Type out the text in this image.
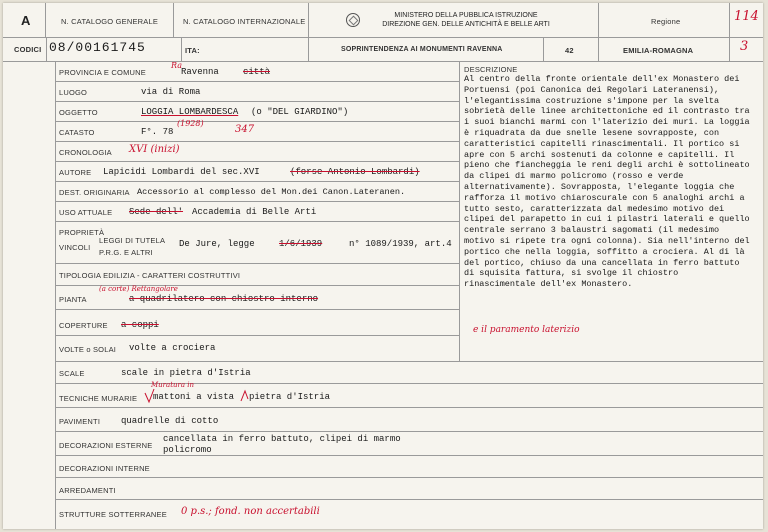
A	N. CATALOGO GENERALE	N. CATALOGO INTERNAZIONALE
MINISTERO DELLA PUBBLICA ISTRUZIONE
DIREZIONE GEN. DELLE ANTICHITÀ E BELLE ARTI	Regione	114
3
CODICI 08/00161745	ITA:	SOPRINTENDENZA AI MONUMENTI RAVENNA	42	EMILIA-ROMAGNA
PROVINCIA E COMUNE
Ra
Ravenna	città
LUOGO	via di Roma
OGGETTO	LOGGIA LOMBARDESCA (o "DEL GIARDINO")
CATASTO	F°. 78
(1928)
347
CRONOLOGIA XVI (inizi)
AUTORE Lapicidi Lombardi del sec.XVI	(forse Antonio Lombardi)
DEST. ORIGINARIA Accessorio al complesso del Mon.dei Canon.Lateranen.
USO ATTUALE Sede dell' Accademia di Belle Arti
PROPRIETÀ
VINCOLI
LEGGI DI TUTELA
P.R.G. E ALTRI
De Jure, legge	1/6/1939	n° 1089/1939, art.4
TIPOLOGIA EDILIZIA - CARATTERI COSTRUTTIVI
PIANTA
(a corte) Rettangolare
a quadrilatero con chiostro interno
COPERTURE a coppi
VOLTE o SOLAI volte a crociera
SCALE	scale in pietra d'Istria
TECNICHE MURARIE
Muratura in
mattoni a vista pietra d'Istria
PAVIMENTI quadrelle di cotto
DECORAZIONI ESTERNE
cancellata in ferro battuto, clipei di marmo
policromo
DECORAZIONI INTERNE
ARREDAMENTI
STRUTTURE SOTTERRANEE 0 p.s.; fond. non accertabili
DESCRIZIONE
Al centro della fronte orientale dell'ex Monastero dei
Portuensi (poi Canonica dei Regolari Lateranensi),
l'elegantissima costruzione s'impone per la svelta
sobrietà delle linee architettoniche ed il contrasto tra
i suoi bianchi marmi con l'laterizio dei muri. La loggia
è riquadrata da due snelle lesene sovrapposte, con
caratteristici capitelli rinascimentali. Il portico si
apre con 5 archi sostenuti da colonne e capitelli. Il
pieno che fiancheggia le reni degli archi è sottolineato
da clipei di marmo policromo (rosso e verde
alternativamente). Sovrapposta, l'elegante loggia che
rafforza il motivo chiaroscurale con 5 analoghi archi a
tutto sesto, caratterizzata dal medesimo motivo dei
clipei del parapetto in cui i pilastri laterali e quello
centrale serrano 3 balaustri sagomati (il medesimo
motivo si ripete tra ogni colonna). Sia nell'interno del
portico che nella loggia, soffitto a crociera. Al di là
del portico, chiuso da una cancellata in ferro battuto
di squisita fattura, si svolge il chiostro
rinascimentale dell'ex Monastero.
e il paramento laterizio
